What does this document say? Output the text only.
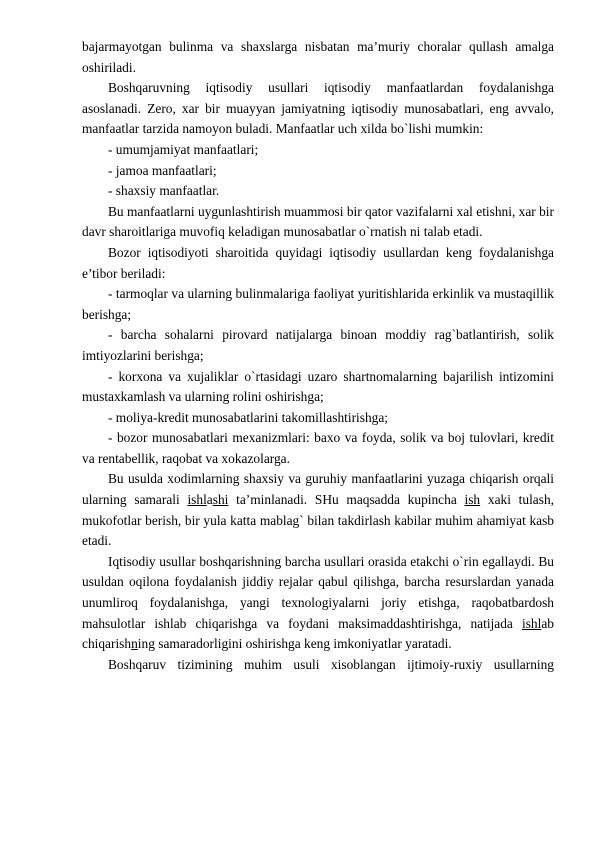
bajarmayotgan bulinma va shaxslarga nisbatan ma’muriy choralar qullash amalga oshiriladi.

Boshqaruvning iqtisodiy usullari iqtisodiy manfaatlardan foydalanishga asoslanadi. Zero, xar bir muayyan jamiyatning iqtisodiy munosabatlari, eng avvalo, manfaatlar tarzida namoyon buladi. Manfaatlar uch xilda bo`lishi mumkin:

- umumjamiyat manfaatlari;

- jamoa manfaatlari;

- shaxsiy manfaatlar.

Bu manfaatlarni uygunlashtirish muammosi bir qator vazifalarni xal etishni, xar bir davr sharoitlariga muvofiq keladigan munosabatlar o`rnatish ni talab etadi.

Bozor iqtisodiyoti sharoitida quyidagi iqtisodiy usullardan keng foydalanishga e’tibor beriladi:

- tarmoqlar va ularning bulinmalariga faoliyat yuritishlarida erkinlik va mustaqillik berishga;

- barcha sohalarni pirovard natijalarga binoan moddiy rag`batlantirish, solik imtiyozlarini berishga;

- korxona va xujaliklar o`rtasidagi uzaro shartnomalarning bajarilish intizomini mustaxkamlash va ularning rolini oshirishga;

- moliya-kredit munosabatlarini takomillashtirishga;

- bozor munosabatlari mexanizmlari: baxo va foyda, solik va boj tulovlari, kredit va rentabellik, raqobat va xokazolarga.

Bu usulda xodimlarning shaxsiy va guruhiy manfaatlarini yuzaga chiqarish orqali ularning samarali ishlashi ta’minlanadi. SHu maqsadda kupincha ish xaki tulash, mukofotlar berish, bir yula katta mablag` bilan takdirlash kabilar muhim ahamiyat kasb etadi.

Iqtisodiy usullar boshqarishning barcha usullari orasida etakchi o`rin egallaydi. Bu usuldan oqilona foydalanish jiddiy rejalar qabul qilishga, barcha resurslardan yanada unumliroq foydalanishga, yangi texnologiyalarni joriy etishga, raqobatbardosh mahsulotlar ishlab chiqarishga va foydani maksimaddashtirishga, natijada ishlab chiqarishning samaradorligini oshirishga keng imkoniyatlar yaratadi.

Boshqaruv tizimining muhim usuli xisoblangan ijtimoiy-ruxiy usullarning
